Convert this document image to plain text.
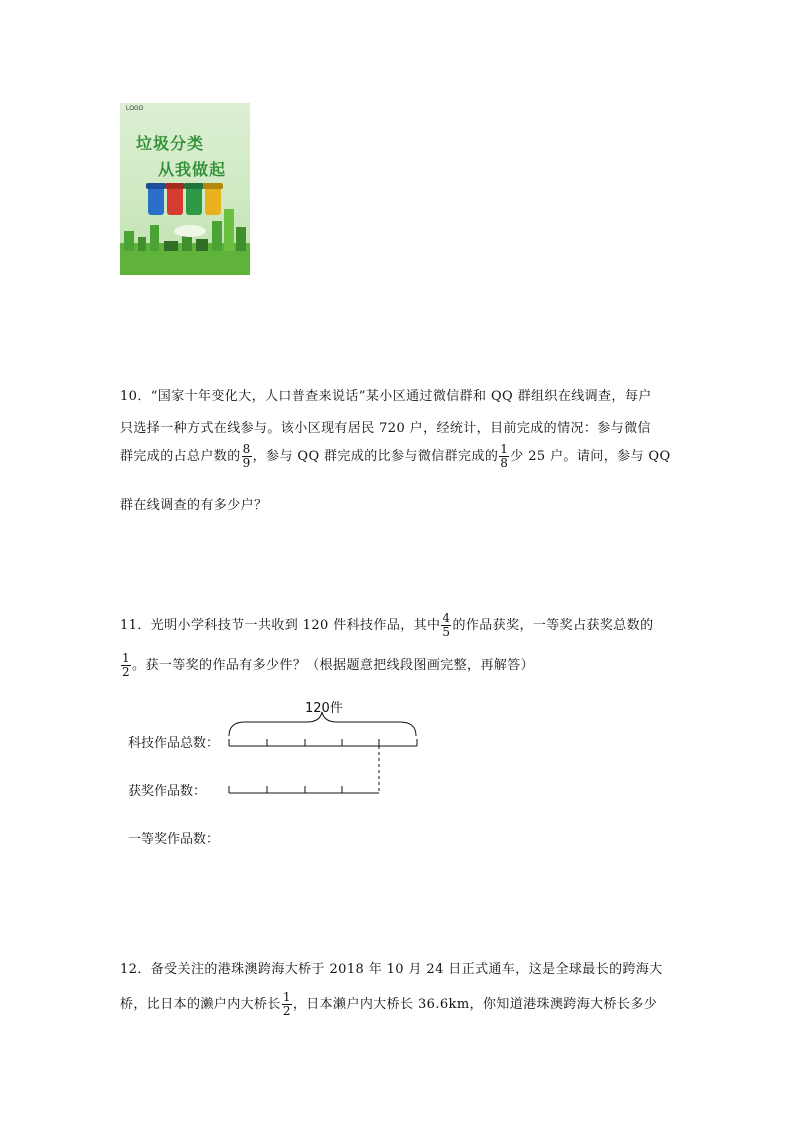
LOGO
垃圾分类
从我做起
10．“国家十年变化大，人口普查来说话”某小区通过微信群和 QQ 群组织在线调查，每户
只选择一种方式在线参与。该小区现有居民 720 户，经统计，目前完成的情况：参与微信
群完成的占总户数的 $\frac{8}{9}$ ，参与 QQ 群完成的比参与微信群完成的 $\frac{1}{8}$ 少 25 户。请问，参与 QQ
群在线调查的有多少户？
11．光明小学科技节一共收到 120 件科技作品，其中 $\frac{4}{5}$ 的作品获奖，一等奖占获奖总数的
$\frac{1}{2}$ 。获一等奖的作品有多少件？（根据题意把线段图画完整，再解答）
120件
科技作品总数：
获奖作品数：
一等奖作品数：
12．备受关注的港珠澳跨海大桥于 2018 年 10 月 24 日正式通车，这是全球最长的跨海大
桥，比日本的濑户内大桥长 $\frac{1}{2}$ ，日本濑户内大桥长 36.6km，你知道港珠澳跨海大桥长多少
